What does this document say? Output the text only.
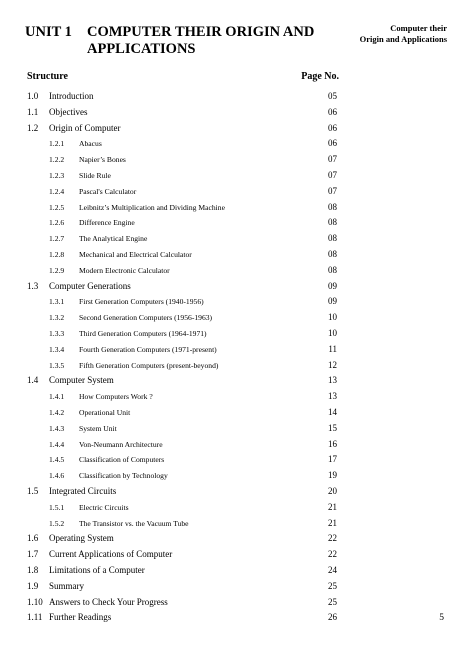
UNIT 1 COMPUTER THEIR ORIGIN AND APPLICATIONS
Computer their
Origin and Applications
Structure	Page No.
1.0 Introduction	05
1.1 Objectives	06
1.2 Origin of Computer	06
1.2.1 Abacus	06
1.2.2 Napier’s Bones	07
1.2.3 Slide Rule	07
1.2.4 Pascal's Calculator	07
1.2.5 Leibnitz’s Multiplication and Dividing Machine	08
1.2.6 Difference Engine	08
1.2.7 The Analytical Engine	08
1.2.8 Mechanical and Electrical Calculator	08
1.2.9 Modern Electronic Calculator	08
1.3 Computer Generations	09
1.3.1 First Generation Computers (1940-1956)	09
1.3.2 Second Generation Computers (1956-1963)	10
1.3.3 Third Generation Computers (1964-1971)	10
1.3.4 Fourth Generation Computers (1971-present)	11
1.3.5 Fifth Generation Computers (present-beyond)	12
1.4 Computer System	13
1.4.1 How Computers Work ?	13
1.4.2 Operational Unit	14
1.4.3 System Unit	15
1.4.4 Von-Neumann Architecture	16
1.4.5 Classification of Computers	17
1.4.6 Classification by Technology	19
1.5 Integrated Circuits	20
1.5.1 Electric Circuits	21
1.5.2 The Transistor vs. the Vacuum Tube	21
1.6 Operating System	22
1.7 Current Applications of Computer	22
1.8 Limitations of a Computer	24
1.9 Summary	25
1.10 Answers to Check Your Progress	25
1.11 Further Readings	26	5
